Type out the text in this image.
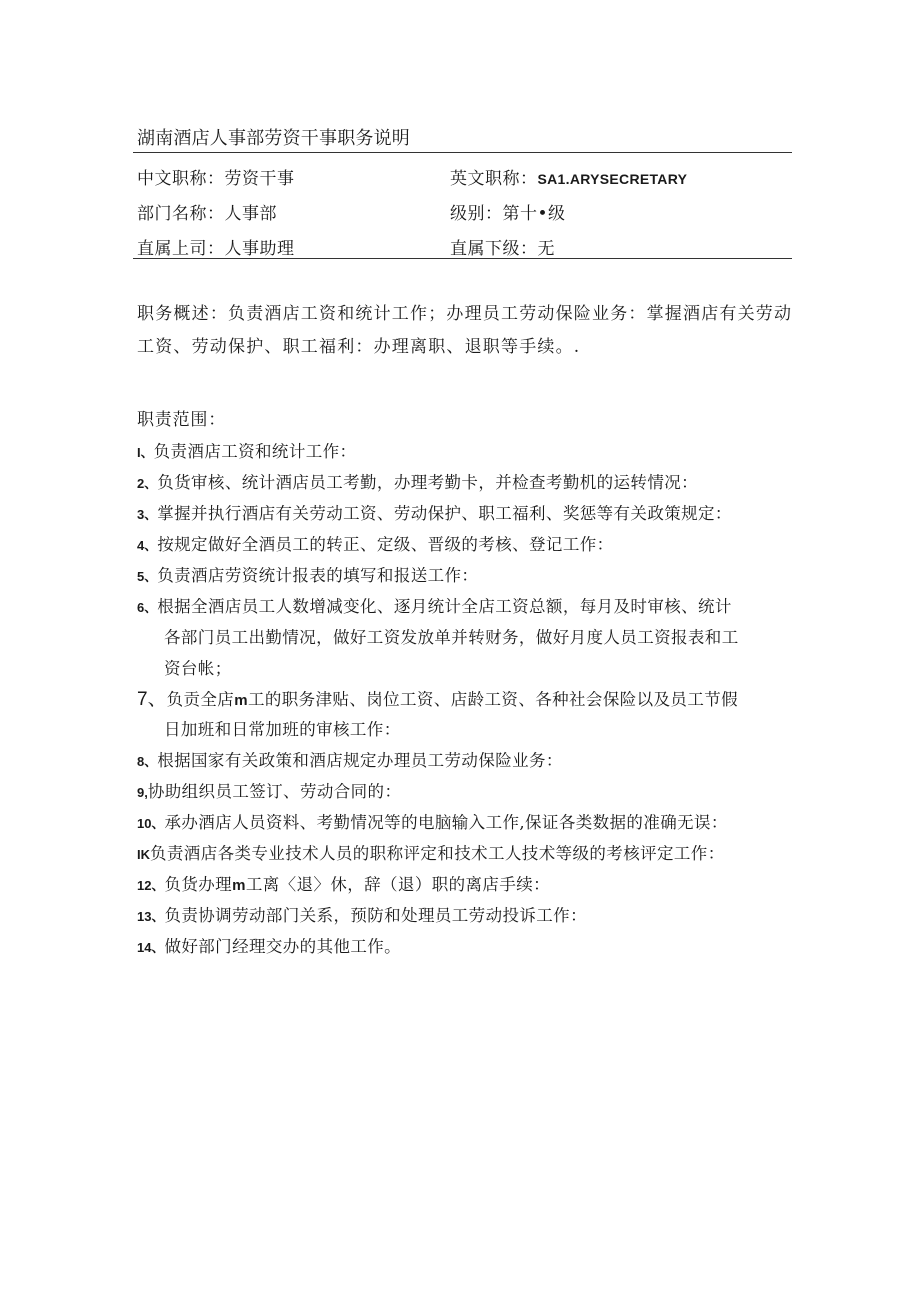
湖南酒店人事部劳资干事职务说明
中文职称：劳资干事	英文职称：SA1.ARYSECRETARY
部门名称：人事部	级别：第十•级
直属上司：人事助理	直属下级：无
职务概述：负责酒店工资和统计工作；办理员工劳动保险业务：掌握酒店有关劳动工资、劳动保护、职工福利：办理离职、退职等手续。.
职责范围：
I、负责酒店工资和统计工作：
2、负货审核、统计酒店员工考勤，办理考勤卡，并检查考勤机的运转情况：
3、掌握并执行酒店有关劳动工资、劳动保护、职工福利、奖惩等有关政策规定：
4、按规定做好全酒员工的转正、定级、晋级的考核、登记工作：
5、负责酒店劳资统计报表的填写和报送工作：
6、根据全酒店员工人数增减变化、逐月统计全店工资总额，每月及时审核、统计
各部门员工出勤情况，做好工资发放单并转财务，做好月度人员工资报表和工
资台帐；
7、负贡全店m工的职务津贴、岗位工资、店龄工资、各种社会保险以及员工节假
日加班和日常加班的审核工作：
8、根据国家有关政策和酒店规定办理员工劳动保险业务：
9,协助组织员工签订、劳动合同的：
10、承办酒店人员资料、考勤情况等的电脑输入工作,保证各类数据的准确无误：
IK负责酒店各类专业技术人员的职称评定和技术工人技术等级的考核评定工作：
12、负货办理m工离〈退〉休，辞（退）职的离店手续：
13、负责协调劳动部门关系，预防和处理员工劳动投诉工作：
14、做好部门经理交办的其他工作。
